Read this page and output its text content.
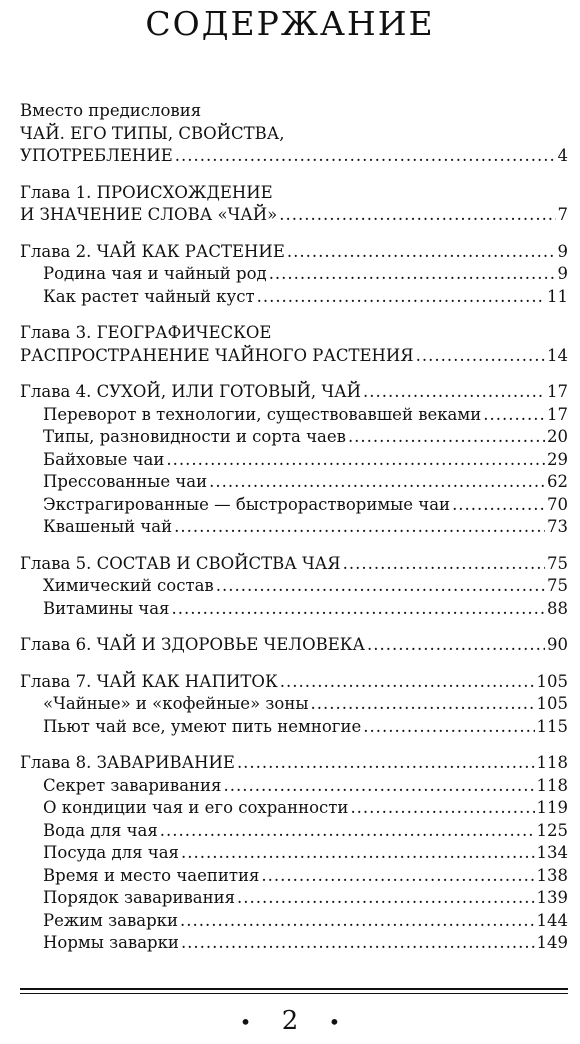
СОДЕРЖАНИЕ
Вместо предисловия
ЧАЙ. ЕГО ТИПЫ, СВОЙСТВА,
УПОТРЕБЛЕНИЕ .....	4
Глава 1. ПРОИСХОЖДЕНИЕ
И ЗНАЧЕНИЕ СЛОВА «ЧАЙ» .....	7
Глава 2. ЧАЙ КАК РАСТЕНИЕ .....	9
Родина чая и чайный род .....	9
Как растет чайный куст .....	11
Глава 3. ГЕОГРАФИЧЕСКОЕ
РАСПРОСТРАНЕНИЕ ЧАЙНОГО РАСТЕНИЯ .....	14
Глава 4. СУХОЙ, ИЛИ ГОТОВЫЙ, ЧАЙ .....	17
Переворот в технологии, существовавшей веками .....	17
Типы, разновидности и сорта чаев .....	20
Байховые чаи .....	29
Прессованные чаи .....	62
Экстрагированные — быстрорастворимые чаи .....	70
Квашеный чай .....	73
Глава 5. СОСТАВ И СВОЙСТВА ЧАЯ .....	75
Химический состав .....	75
Витамины чая .....	88
Глава 6. ЧАЙ И ЗДОРОВЬЕ ЧЕЛОВЕКА .....	90
Глава 7. ЧАЙ КАК НАПИТОК .....	105
«Чайные» и «кофейные» зоны .....	105
Пьют чай все, умеют пить немногие .....	115
Глава 8. ЗАВАРИВАНИЕ .....	118
Секрет заваривания .....	118
О кондиции чая и его сохранности .....	119
Вода для чая .....	125
Посуда для чая .....	134
Время и место чаепития .....	138
Порядок заваривания .....	139
Режим заварки .....	144
Нормы заварки .....	149
• 2 •
